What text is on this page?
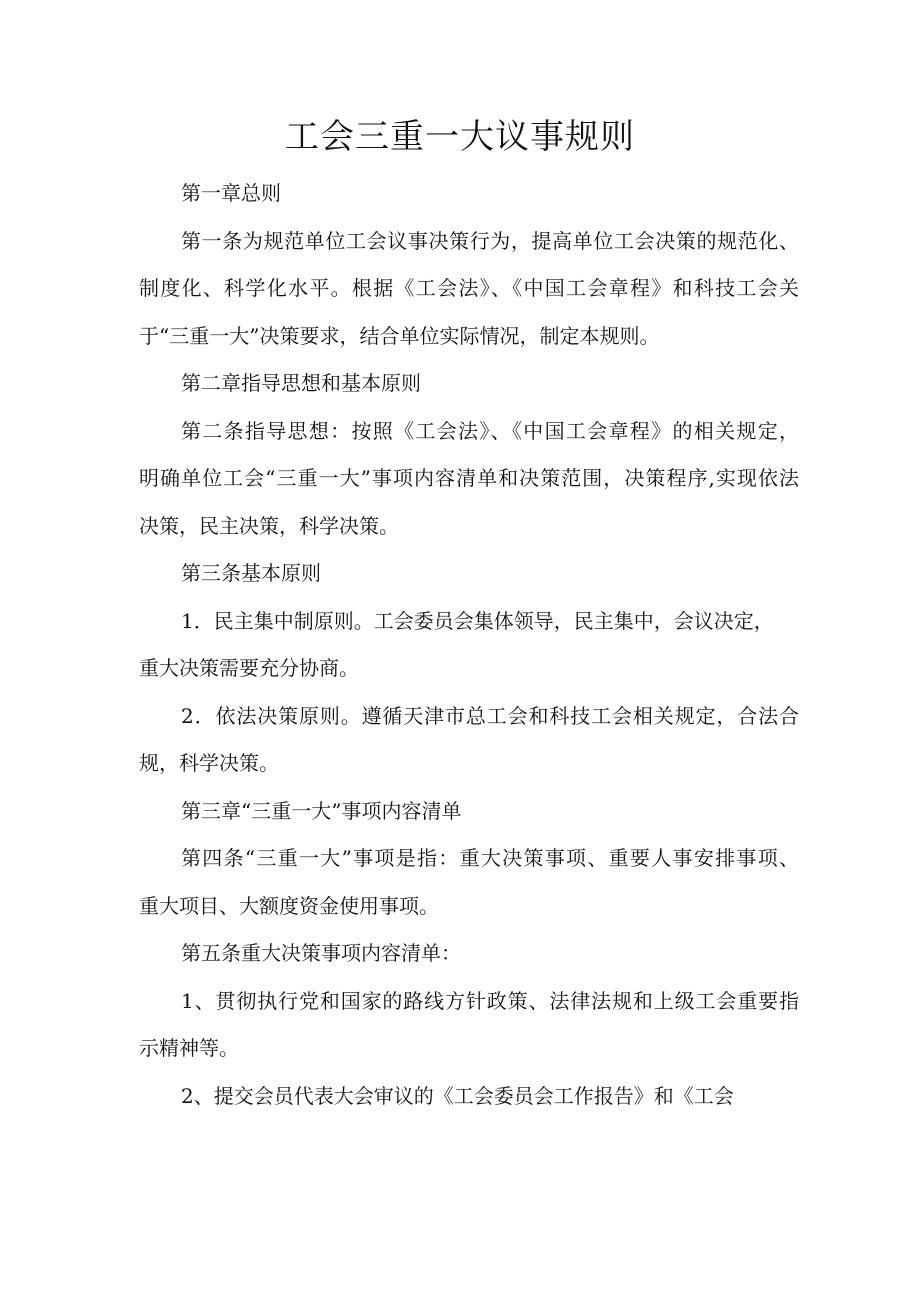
工会三重一大议事规则
第一章总则
第一条为规范单位工会议事决策行为，提高单位工会决策的规范化、
制度化、科学化水平。根据《工会法》、《中国工会章程》和科技工会关
于“三重一大”决策要求，结合单位实际情况，制定本规则。
第二章指导思想和基本原则
第二条指导思想：按照《工会法》、《中国工会章程》的相关规定，
明确单位工会“三重一大”事项内容清单和决策范围，决策程序,实现依法
决策，民主决策，科学决策。
第三条基本原则
1．民主集中制原则。工会委员会集体领导，民主集中，会议决定，
重大决策需要充分协商。
2．依法决策原则。遵循天津市总工会和科技工会相关规定，合法合
规，科学决策。
第三章“三重一大”事项内容清单
第四条“三重一大”事项是指：重大决策事项、重要人事安排事项、
重大项目、大额度资金使用事项。
第五条重大决策事项内容清单：
1、贯彻执行党和国家的路线方针政策、法律法规和上级工会重要指
示精神等。
2、提交会员代表大会审议的《工会委员会工作报告》和《工会
